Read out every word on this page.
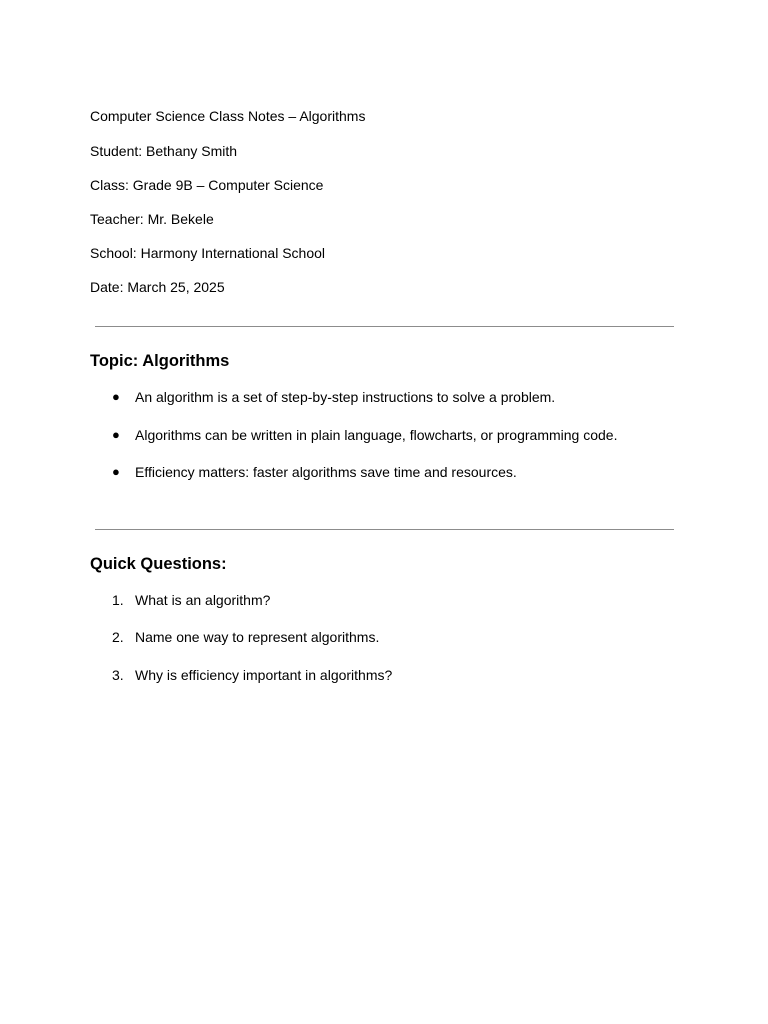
Computer Science Class Notes – Algorithms
Student: Bethany Smith
Class: Grade 9B – Computer Science
Teacher: Mr. Bekele
School: Harmony International School
Date: March 25, 2025
Topic: Algorithms
● An algorithm is a set of step-by-step instructions to solve a problem.
● Algorithms can be written in plain language, flowcharts, or programming code.
● Efficiency matters: faster algorithms save time and resources.
Quick Questions:
1. What is an algorithm?
2. Name one way to represent algorithms.
3. Why is efficiency important in algorithms?
